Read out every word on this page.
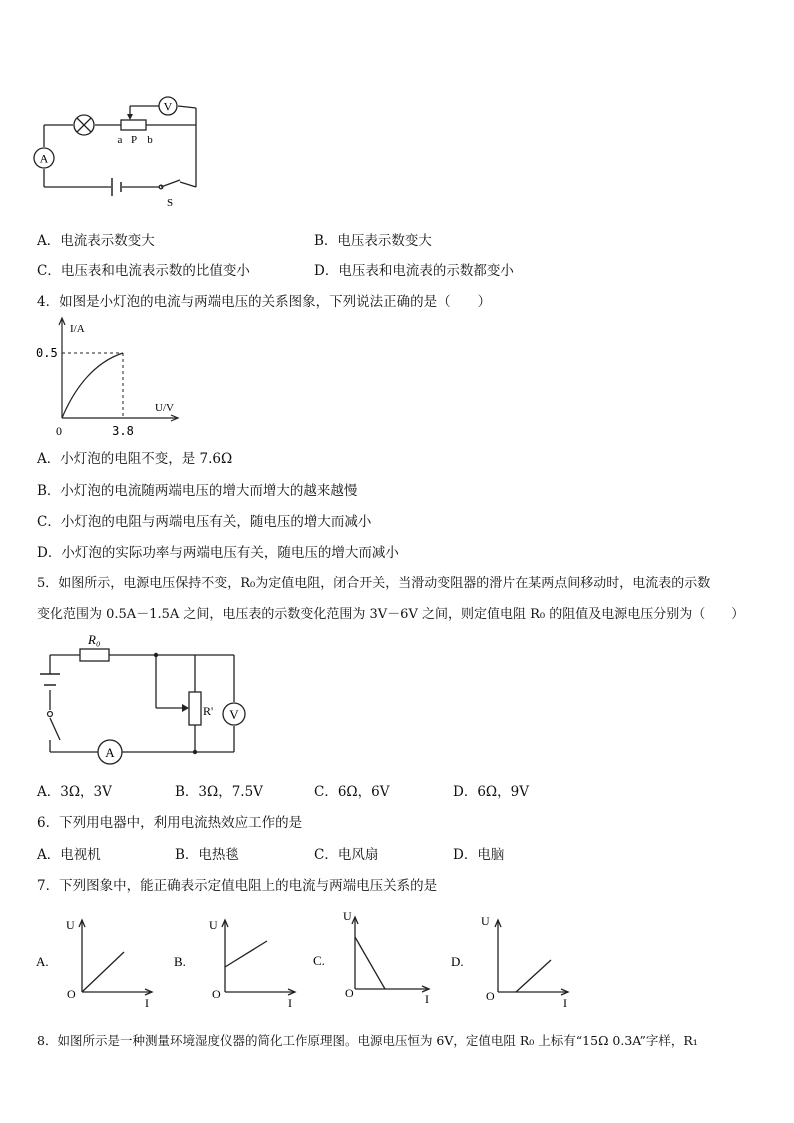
V
A
a P b
S
A．电流表示数变大	B．电压表示数变大
C．电压表和电流表示数的比值变小	D．电压表和电流表的示数都变小
4．如图是小灯泡的电流与两端电压的关系图象，下列说法正确的是（　　）
I/A
U/V
0
0.5
3.8
A．小灯泡的电阻不变，是 7.6Ω
B．小灯泡的电流随两端电压的增大而增大的越来越慢
C．小灯泡的电阻与两端电压有关，随电压的增大而减小
D．小灯泡的实际功率与两端电压有关，随电压的增大而减小
5．如图所示，电源电压保持不变，R₀为定值电阻，闭合开关，当滑动变阻器的滑片在某两点间移动时，电流表的示数
变化范围为 0.5A－1.5A 之间，电压表的示数变化范围为 3V－6V 之间，则定值电阻 R₀ 的阻值及电源电压分别为（　　）
R₀
R' V
A
A．3Ω，3V	B．3Ω，7.5V	C．6Ω，6V	D．6Ω，9V
6．下列用电器中，利用电流热效应工作的是
A．电视机	B．电热毯	C．电风扇	D．电脑
7．下列图象中，能正确表示定值电阻上的电流与两端电压关系的是
A.
U
I
O
B.
U
I
O
C.
U
I
O
D.
U
I
O
8．如图所示是一种测量环境湿度仪器的简化工作原理图。电源电压恒为 6V，定值电阻 R₀ 上标有“15Ω 0.3A”字样，R₁
